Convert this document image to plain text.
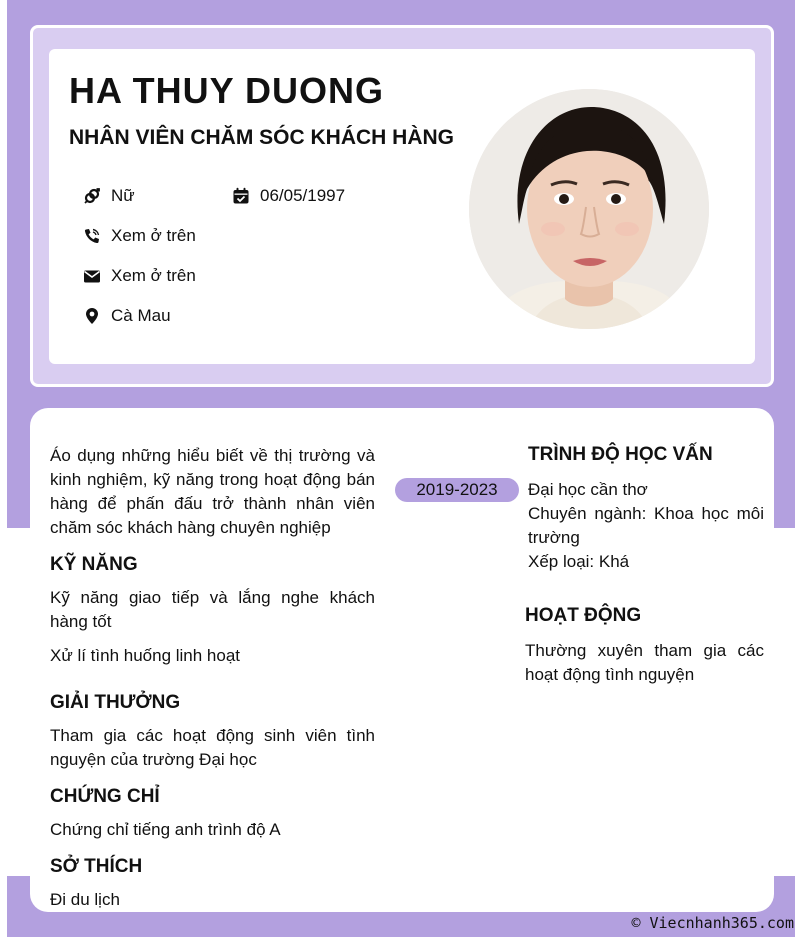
HA THUY DUONG
NHÂN VIÊN CHĂM SÓC KHÁCH HÀNG
Nữ	06/05/1997
Xem ở trên
Xem ở trên
Cà Mau
Áo dụng những hiểu biết về thị trường và kinh nghiệm, kỹ năng trong hoạt động bán hàng để phấn đấu trở thành nhân viên chăm sóc khách hàng chuyên nghiệp
KỸ NĂNG
Kỹ năng giao tiếp và lắng nghe khách hàng tốt
Xử lí tình huống linh hoạt
GIẢI THƯỞNG
Tham gia các hoạt động sinh viên tình nguyện của trường Đại học
CHỨNG CHỈ
Chứng chỉ tiếng anh trình độ A
SỞ THÍCH
Đi du lịch
2019-2023
TRÌNH ĐỘ HỌC VẤN
Đại học cần thơ
Chuyên ngành: Khoa học môi trường
Xếp loại: Khá
HOẠT ĐỘNG
Thường xuyên tham gia các hoạt động tình nguyện
© Viecnhanh365.com
